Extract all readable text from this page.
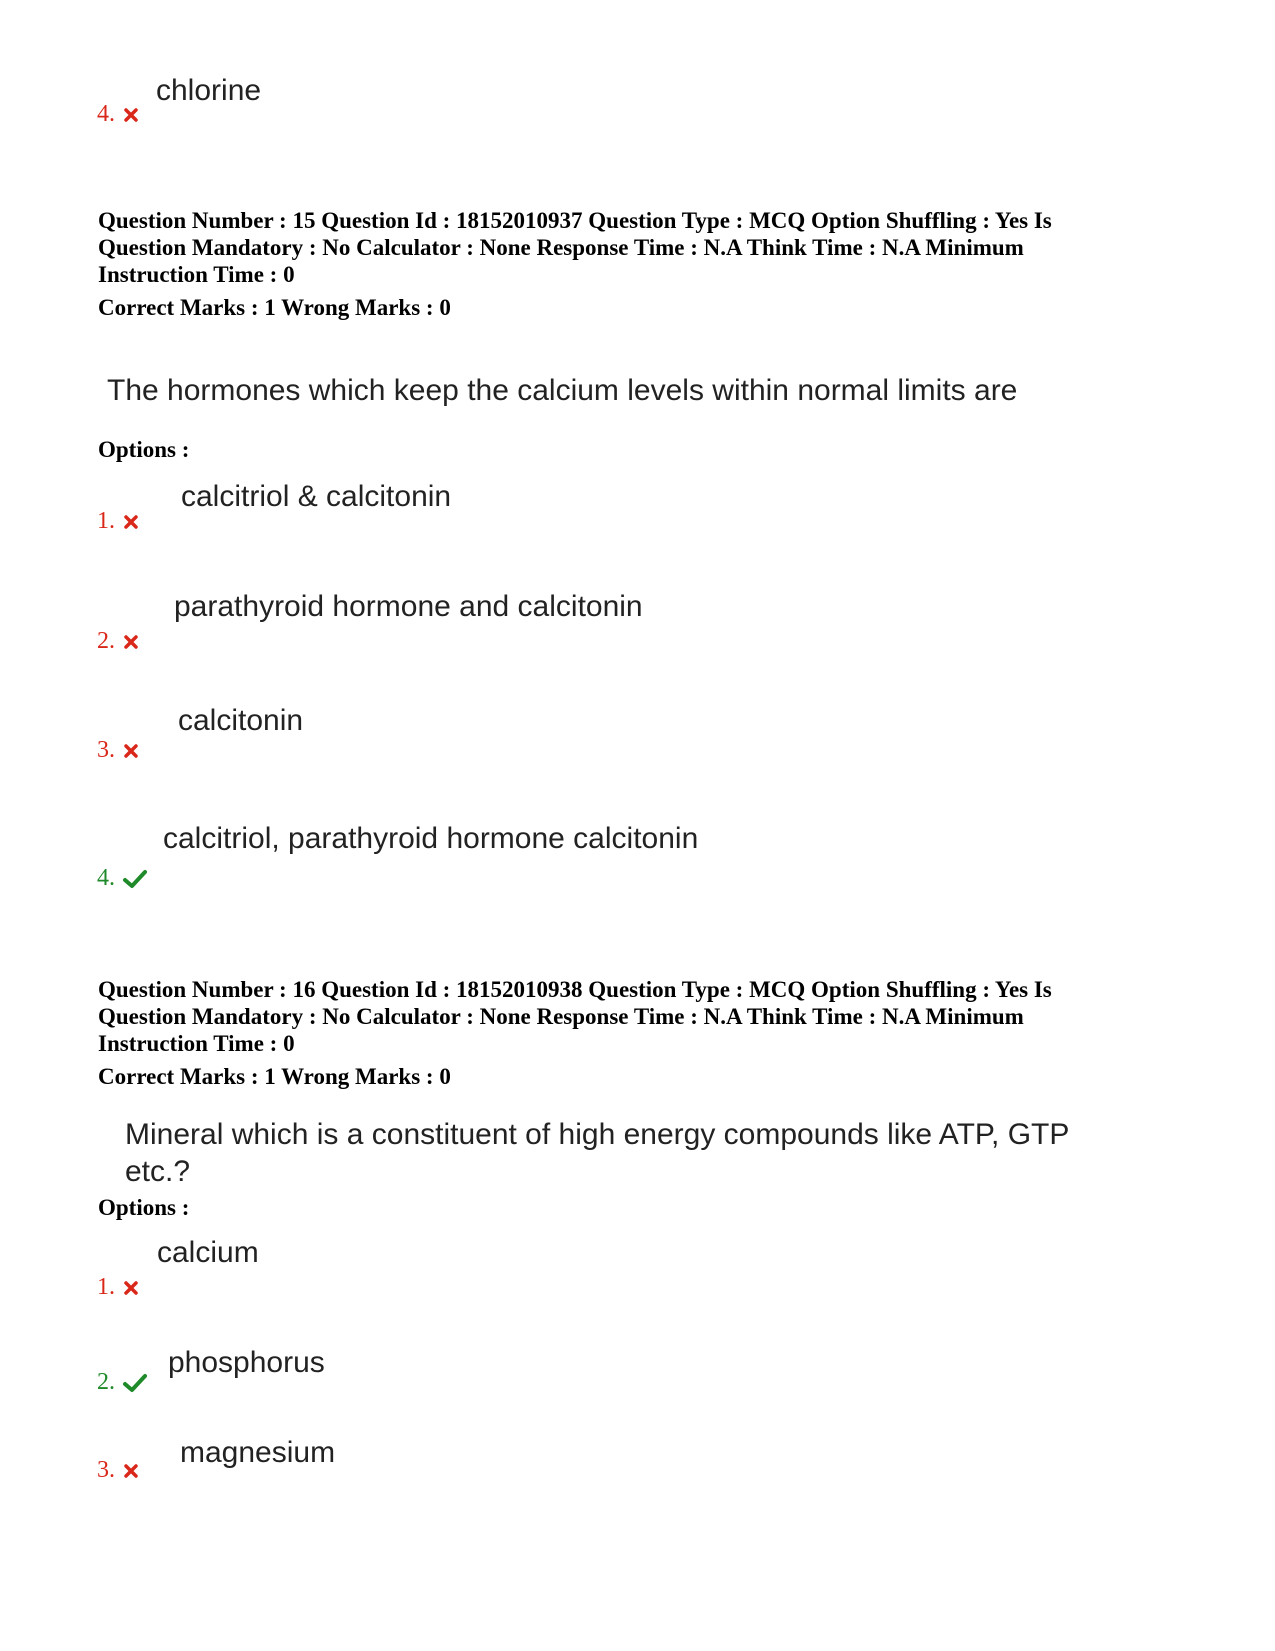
chlorine
4.
Question Number : 15 Question Id : 18152010937 Question Type : MCQ Option Shuffling : Yes Is
Question Mandatory : No Calculator : None Response Time : N.A Think Time : N.A Minimum
Instruction Time : 0
Correct Marks : 1 Wrong Marks : 0
The hormones which keep the calcium levels within normal limits are
Options :
calcitriol & calcitonin
1.
parathyroid hormone and calcitonin
2.
calcitonin
3.
calcitriol, parathyroid hormone calcitonin
4.
Question Number : 16 Question Id : 18152010938 Question Type : MCQ Option Shuffling : Yes Is
Question Mandatory : No Calculator : None Response Time : N.A Think Time : N.A Minimum
Instruction Time : 0
Correct Marks : 1 Wrong Marks : 0
Mineral which is a constituent of high energy compounds like ATP, GTP
etc.?
Options :
calcium
1.
phosphorus
2.
magnesium
3.
